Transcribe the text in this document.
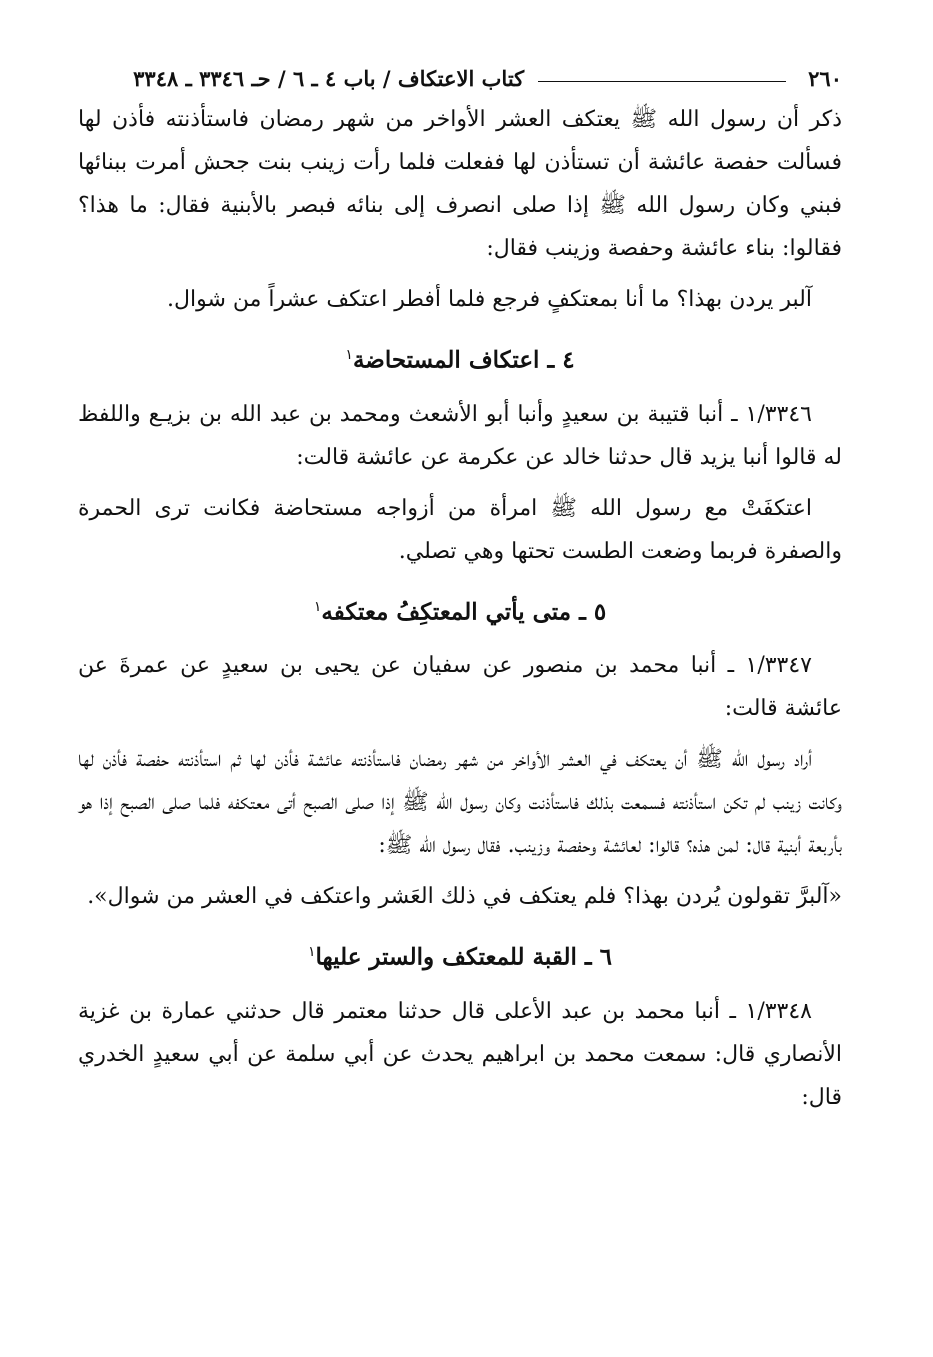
٢٦٠
كتاب الاعتكاف / باب ٤ ـ ٦ / حـ ٣٣٤٦ ـ ٣٣٤٨

ذكر أن رسول الله ﷺ يعتكف العشر الأواخر من شهر رمضان فاستأذنته فأذن لها فسألت حفصة عائشة أن تستأذن لها ففعلت فلما رأت زينب بنت جحش أمرت ببنائها فبني وكان رسول الله ﷺ إذا صلى انصرف إلى بنائه فبصر بالأبنية فقال: ما هذا؟ فقالوا: بناء عائشة وحفصة وزينب فقال:

آلبر يردن بهذا؟ ما أنا بمعتكفٍ فرجع فلما أفطر اعتكف عشراً من شوال.

٤ ـ اعتكاف المستحاضة$^١$

١/٣٣٤٦ ـ أنبا قتيبة بن سعيدٍ وأنبا أبو الأشعث ومحمد بن عبد الله بن بزيـع واللفظ له قالوا أنبا يزيد قال حدثنا خالد عن عكرمة عن عائشة قالت:

اعتكفَتْ مع رسول الله ﷺ امرأة من أزواجه مستحاضة فكانت ترى الحمرة والصفرة فربما وضعت الطست تحتها وهي تصلي.

٥ ـ متى يأتي المعتكِفُ معتكفه$^١$

١/٣٣٤٧ ـ أنبا محمد بن منصور عن سفيان عن يحيى بن سعيدٍ عن عمرةَ عن عائشة قالت:

أراد رسول الله ﷺ أن يعتكف في العشر الأواخر من شهر رمضان فاستأذنته عائشة فأذن لها ثم استأذنته حفصة فأذن لها وكانت زينب لم تكن استأذنته فسمعت بذلك فاستأذنت وكان رسول الله ﷺ إذا صلى الصبح أتى معتكفه فلما صلى الصبح إذا هو بأربعة أبنية قال: لمن هذه؟ قالوا: لعائشة وحفصة وزينب. فقال رسول الله ﷺ:

«آلبرَّ تقولون يُردن بهذا؟ فلم يعتكف في ذلك العَشر واعتكف في العشر من شوال».

٦ ـ القبة للمعتكف والستر عليها$^١$

١/٣٣٤٨ ـ أنبا محمد بن عبد الأعلى قال حدثنا معتمر قال حدثني عمارة بن غزية الأنصاري قال: سمعت محمد بن ابراهيم يحدث عن أبي سلمة عن أبي سعيدٍ الخدري قال:
